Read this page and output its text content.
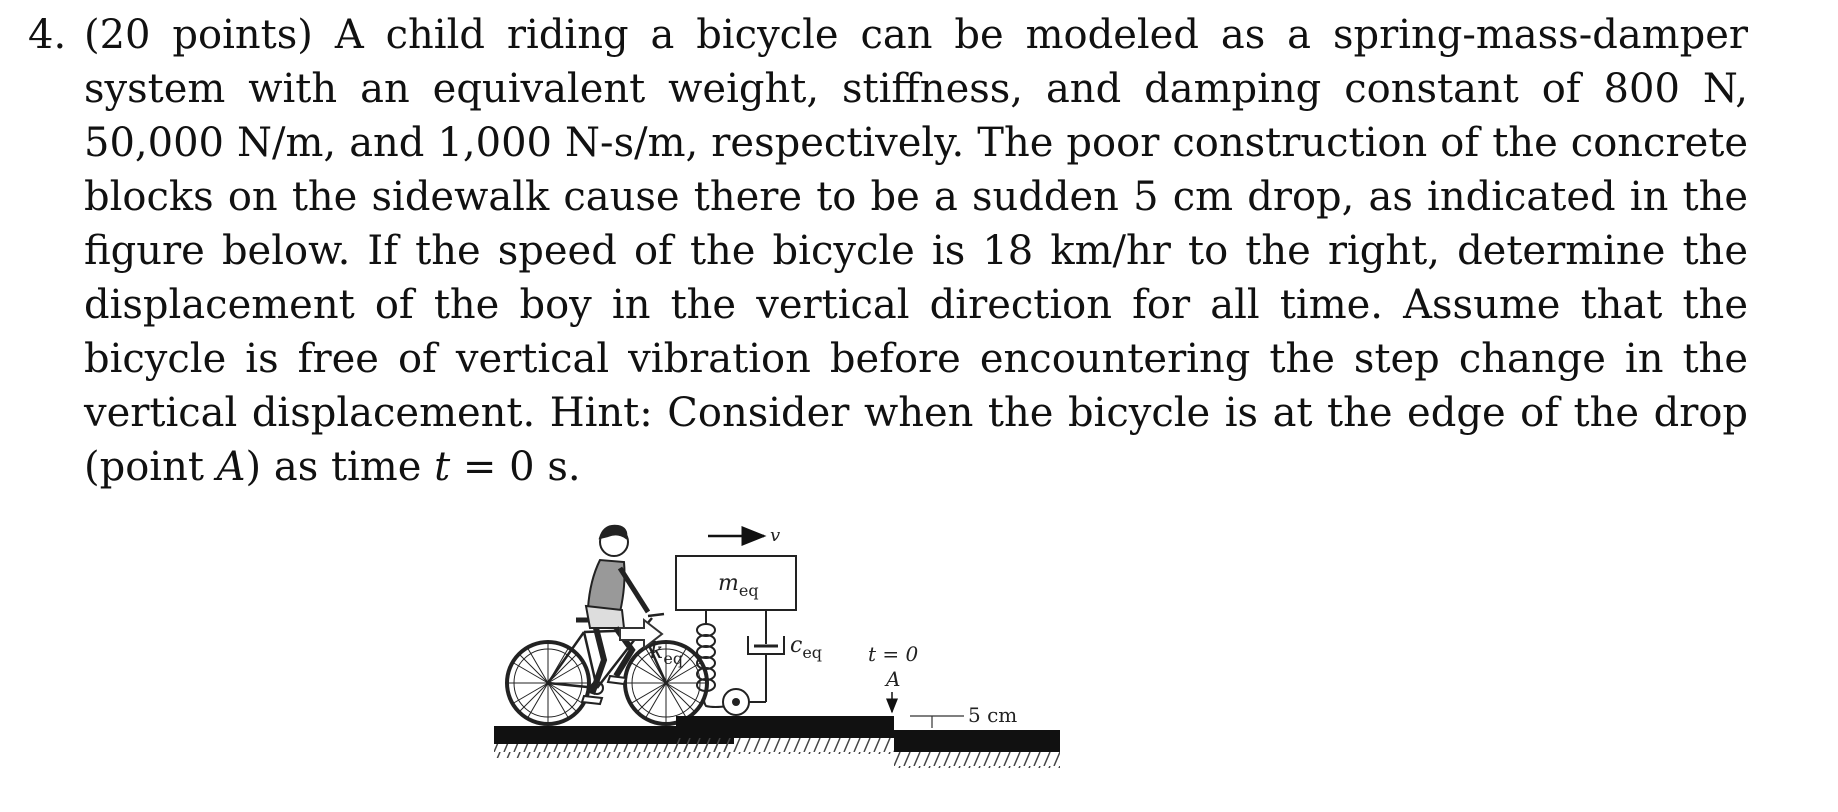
4. (20 points) A child riding a bicycle can be modeled as a spring-mass-damper system with an equivalent weight, stiffness, and damping constant of 800 N, 50,000 N/m, and 1,000 N-s/m, respectively. The poor construction of the concrete blocks on the sidewalk cause there to be a sudden 5 cm drop, as indicated in the figure below. If the speed of the bicycle is 18 km/hr to the right, determine the displacement of the boy in the vertical direction for all time. Assume that the bicycle is free of vertical vibration before encountering the step change in the vertical displacement. Hint: Consider when the bicycle is at the edge of the drop (point A) as time t = 0 s.
v
$m_{eq}$
$k_{eq}$
$c_{eq}$ t = 0
A
5 cm
